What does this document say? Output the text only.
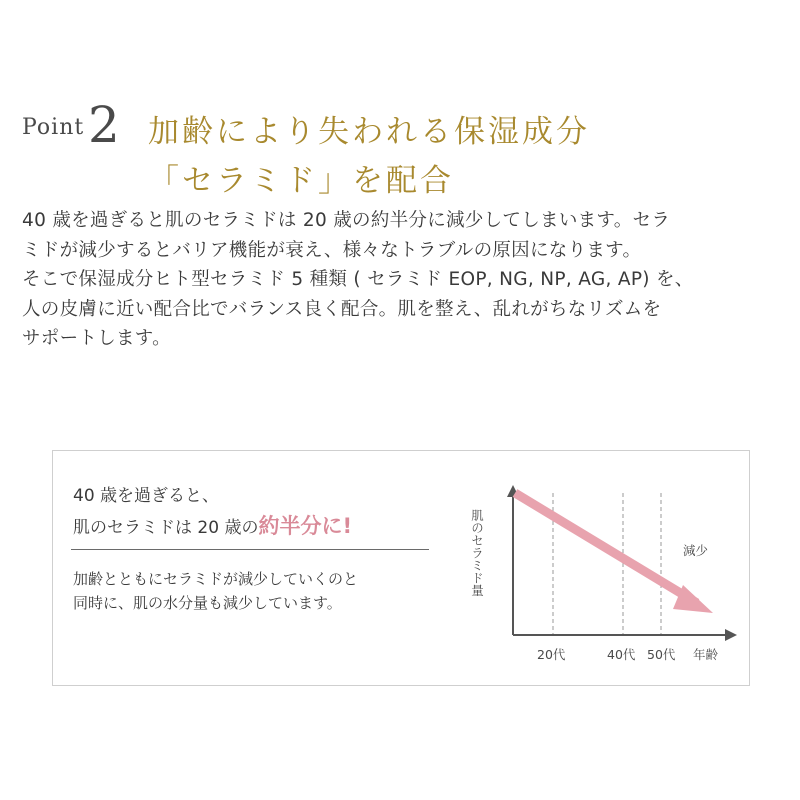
Point 2 加齢により失われる保湿成分
「セラミド」を配合
40 歳を過ぎると肌のセラミドは 20 歳の約半分に減少してしまいます。セラ
ミドが減少するとバリア機能が衰え、様々なトラブルの原因になります。
そこで保湿成分ヒト型セラミド 5 種類 ( セラミド EOP, NG, NP, AG, AP) を、
人の皮膚に近い配合比でバランス良く配合。肌を整え、乱れがちなリズムを
サポートします。
40 歳を過ぎると、
肌のセラミドは 20 歳の約半分に!
加齢とともにセラミドが減少していくのと
同時に、肌の水分量も減少しています。
肌のセラミド量	減少
20代	40代 50代 年齢
